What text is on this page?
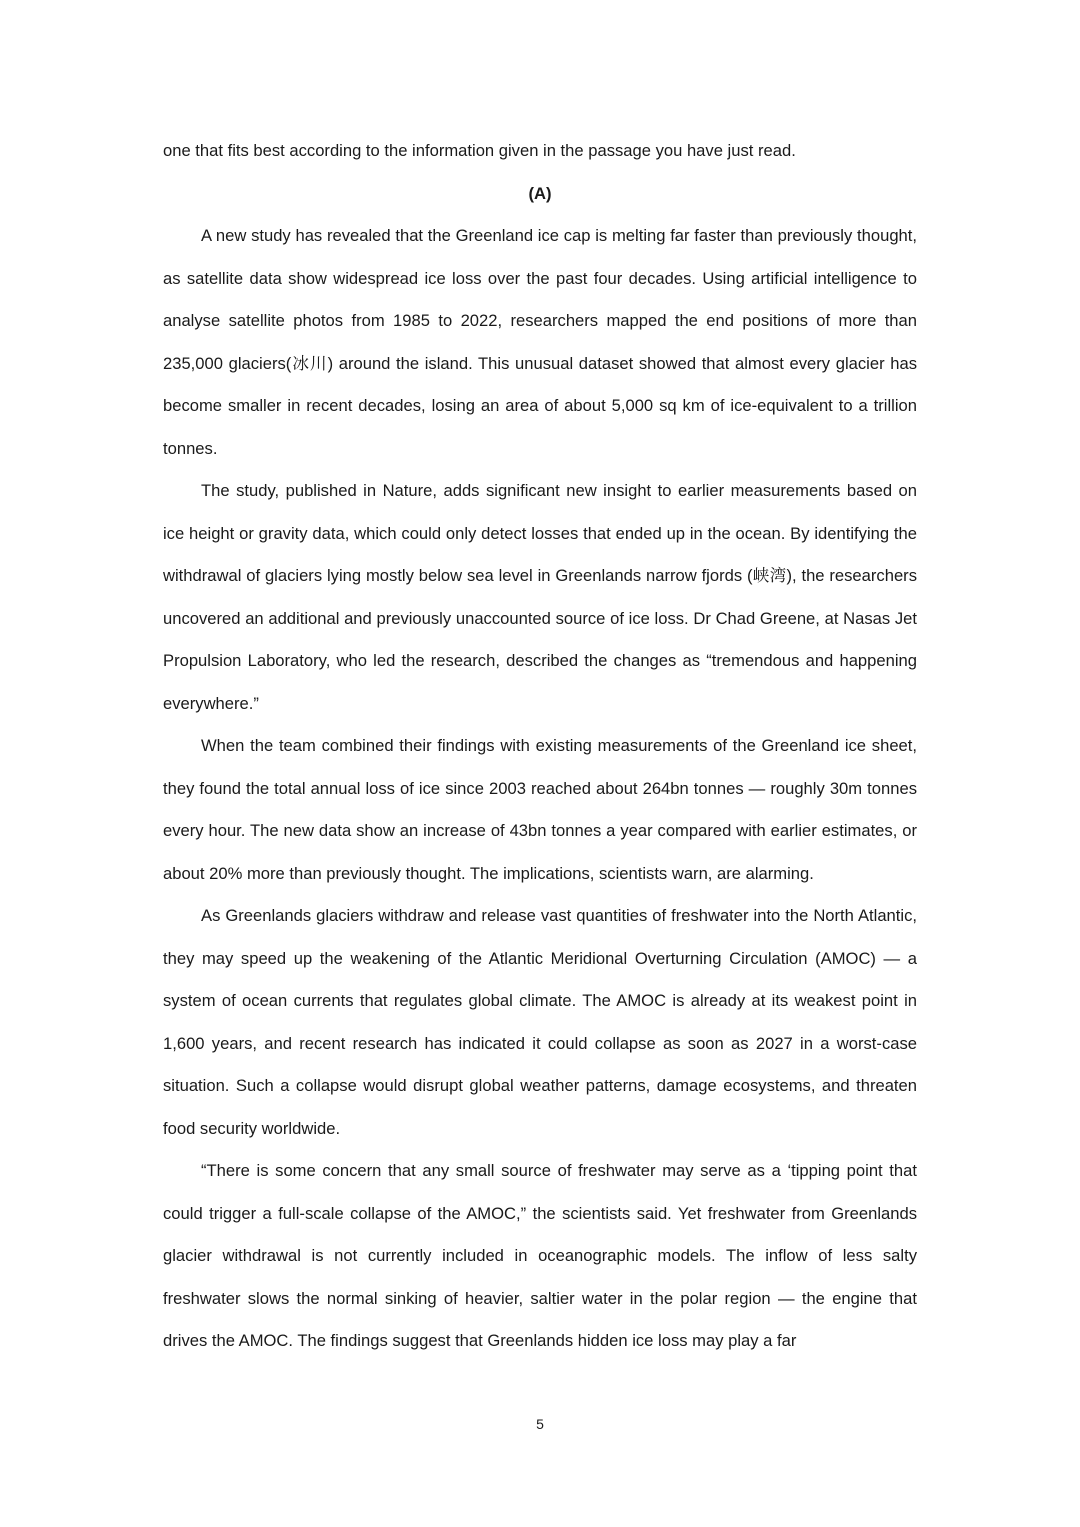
one that fits best according to the information given in the passage you have just read.

(A)

A new study has revealed that the Greenland ice cap is melting far faster than previously thought, as satellite data show widespread ice loss over the past four decades. Using artificial intelligence to analyse satellite photos from 1985 to 2022, researchers mapped the end positions of more than 235,000 glaciers(冰川) around the island. This unusual dataset showed that almost every glacier has become smaller in recent decades, losing an area of about 5,000 sq km of ice-equivalent to a trillion tonnes.

The study, published in Nature, adds significant new insight to earlier measurements based on ice height or gravity data, which could only detect losses that ended up in the ocean. By identifying the withdrawal of glaciers lying mostly below sea level in Greenlands narrow fjords (峡湾), the researchers uncovered an additional and previously unaccounted source of ice loss. Dr Chad Greene, at Nasas Jet Propulsion Laboratory, who led the research, described the changes as “tremendous and happening everywhere.”

When the team combined their findings with existing measurements of the Greenland ice sheet, they found the total annual loss of ice since 2003 reached about 264bn tonnes — roughly 30m tonnes every hour. The new data show an increase of 43bn tonnes a year compared with earlier estimates, or about 20% more than previously thought. The implications, scientists warn, are alarming.

As Greenlands glaciers withdraw and release vast quantities of freshwater into the North Atlantic, they may speed up the weakening of the Atlantic Meridional Overturning Circulation (AMOC) — a system of ocean currents that regulates global climate. The AMOC is already at its weakest point in 1,600 years, and recent research has indicated it could collapse as soon as 2027 in a worst-case situation. Such a collapse would disrupt global weather patterns, damage ecosystems, and threaten food security worldwide.

“There is some concern that any small source of freshwater may serve as a ‘tipping point that could trigger a full-scale collapse of the AMOC,” the scientists said. Yet freshwater from Greenlands glacier withdrawal is not currently included in oceanographic models. The inflow of less salty freshwater slows the normal sinking of heavier, saltier water in the polar region — the engine that drives the AMOC. The findings suggest that Greenlands hidden ice loss may play a far

5
